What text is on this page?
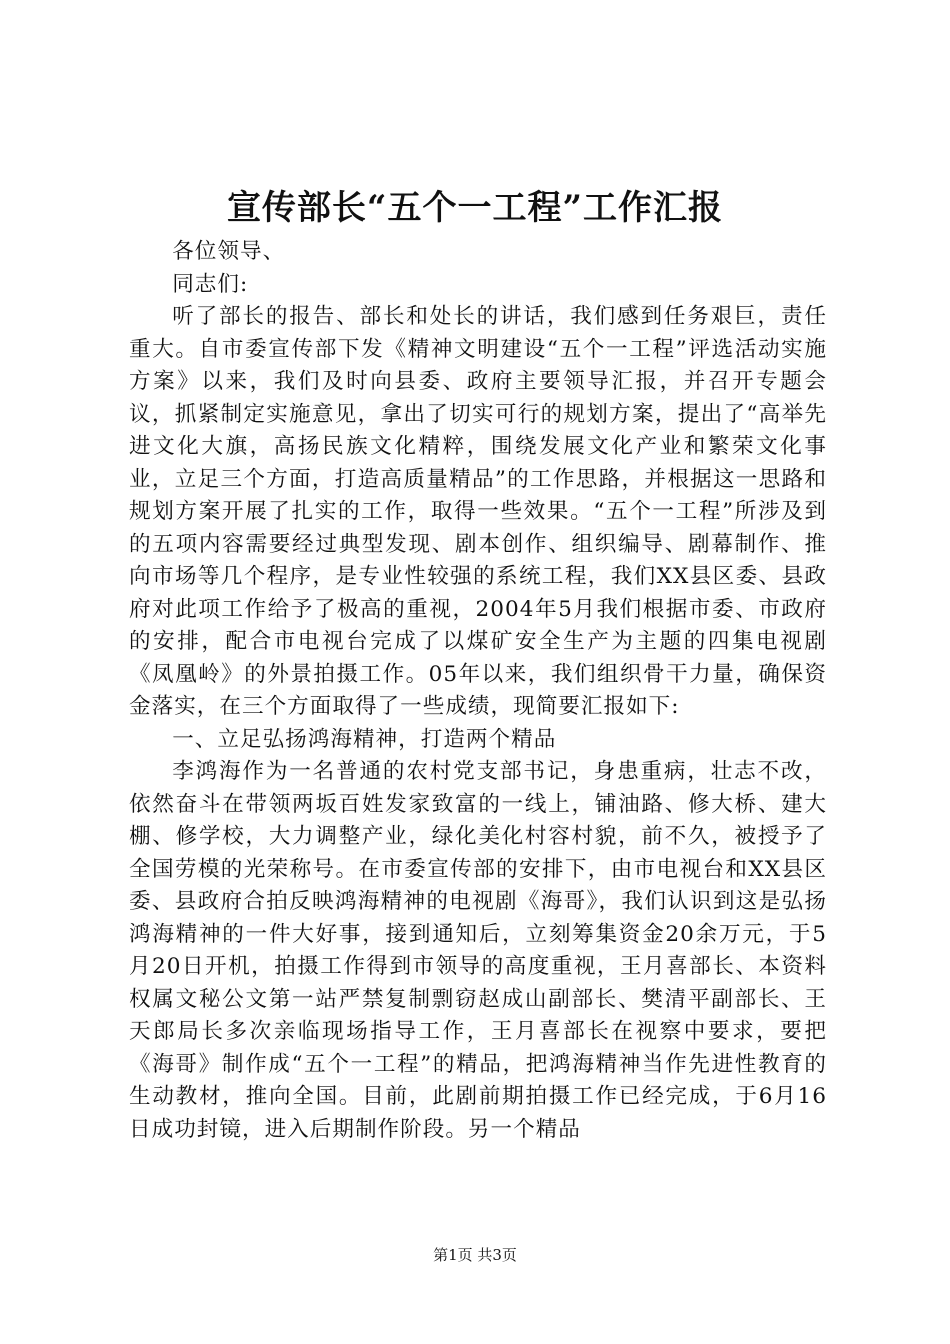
宣传部长“五个一工程”工作汇报

各位领导、

同志们:

听了部长的报告、部长和处长的讲话，我们感到任务艰巨，责任重大。自市委宣传部下发《精神文明建设“五个一工程”评选活动实施方案》以来，我们及时向县委、政府主要领导汇报，并召开专题会议，抓紧制定实施意见，拿出了切实可行的规划方案，提出了“高举先进文化大旗，高扬民族文化精粹，围绕发展文化产业和繁荣文化事业，立足三个方面，打造高质量精品”的工作思路，并根据这一思路和规划方案开展了扎实的工作，取得一些效果。“五个一工程”所涉及到的五项内容需要经过典型发现、剧本创作、组织编导、剧幕制作、推向市场等几个程序，是专业性较强的系统工程，我们XX县区委、县政府对此项工作给予了极高的重视，2004年5月我们根据市委、市政府的安排，配合市电视台完成了以煤矿安全生产为主题的四集电视剧《凤凰岭》的外景拍摄工作。05年以来，我们组织骨干力量，确保资金落实，在三个方面取得了一些成绩，现简要汇报如下:

一、立足弘扬鸿海精神，打造两个精品

李鸿海作为一名普通的农村党支部书记，身患重病，壮志不改，依然奋斗在带领两坂百姓发家致富的一线上，铺油路、修大桥、建大棚、修学校，大力调整产业，绿化美化村容村貌，前不久，被授予了全国劳模的光荣称号。在市委宣传部的安排下，由市电视台和XX县区委、县政府合拍反映鸿海精神的电视剧《海哥》，我们认识到这是弘扬鸿海精神的一件大好事，接到通知后，立刻筹集资金20余万元，于5月20日开机，拍摄工作得到市领导的高度重视，王月喜部长、本资料权属文秘公文第一站严禁复制剽窃赵成山副部长、樊清平副部长、王天郎局长多次亲临现场指导工作，王月喜部长在视察中要求，要把《海哥》制作成“五个一工程”的精品，把鸿海精神当作先进性教育的生动教材，推向全国。目前，此剧前期拍摄工作已经完成，于6月16日成功封镜，进入后期制作阶段。另一个精品

第1页 共3页
